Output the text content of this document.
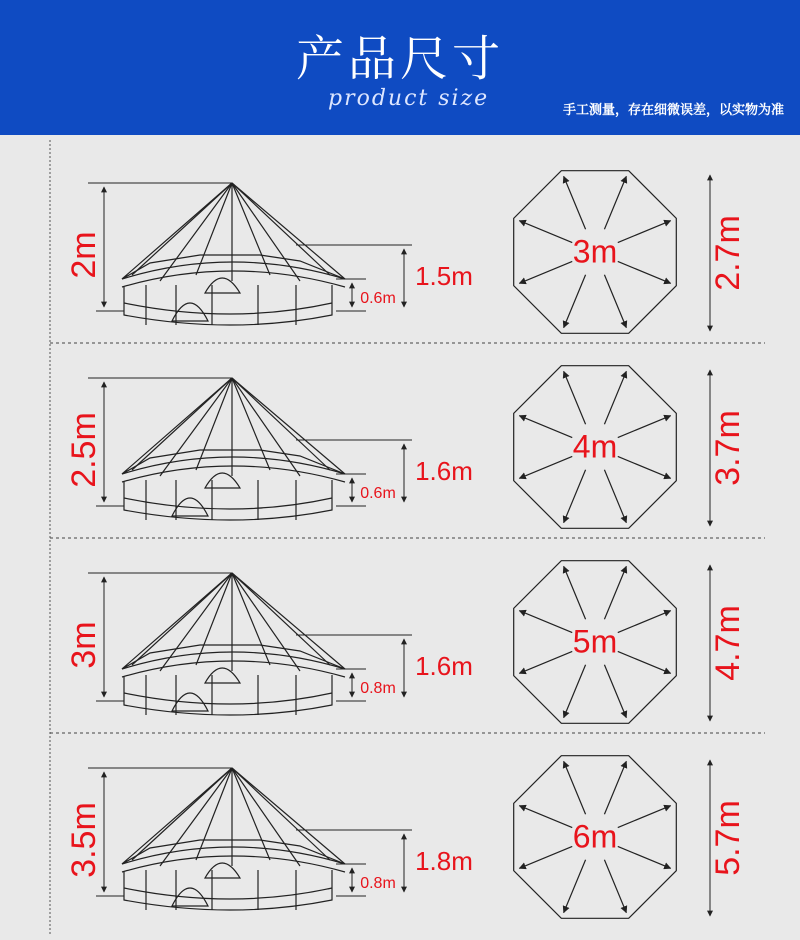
产品尺寸
product size	手工测量，存在细微误差，以实物为准
2m	1.5m
0.6m
3m	2.7m
2.5m	1.6m
0.6m
4m	3.7m
3m	1.6m
0.8m
5m	4.7m
3.5m	1.8m
0.8m
6m	5.7m
